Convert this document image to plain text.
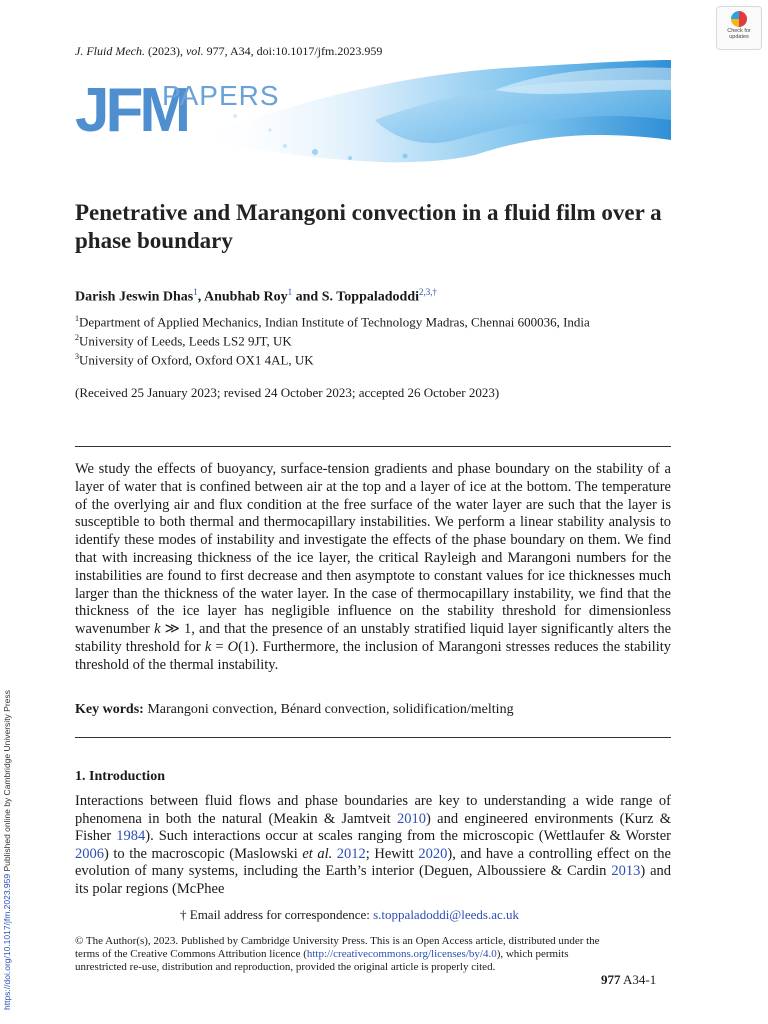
J. Fluid Mech. (2023), vol. 977, A34, doi:10.1017/jfm.2023.959
Check for
updates
JFM
PAPERS
Penetrative and Marangoni convection in a fluid film over a phase boundary
Darish Jeswin Dhas$^1$, Anubhab Roy$^1$ and S. Toppaladoddi$^{2,3,\dagger}$
$^1$Department of Applied Mechanics, Indian Institute of Technology Madras, Chennai 600036, India
$^2$University of Leeds, Leeds LS2 9JT, UK
$^3$University of Oxford, Oxford OX1 4AL, UK
(Received 25 January 2023; revised 24 October 2023; accepted 26 October 2023)
We study the effects of buoyancy, surface-tension gradients and phase boundary on the stability of a layer of water that is confined between air at the top and a layer of ice at the bottom. The temperature of the overlying air and flux condition at the free surface of the water layer are such that the layer is susceptible to both thermal and thermocapillary instabilities. We perform a linear stability analysis to identify these modes of instability and investigate the effects of the phase boundary on them. We find that with increasing thickness of the ice layer, the critical Rayleigh and Marangoni numbers for the instabilities are found to first decrease and then asymptote to constant values for ice thicknesses much larger than the thickness of the water layer. In the case of thermocapillary instability, we find that the thickness of the ice layer has negligible influence on the stability threshold for dimensionless wavenumber k ≫ 1, and that the presence of an unstably stratified liquid layer significantly alters the stability threshold for k = O(1). Furthermore, the inclusion of Marangoni stresses reduces the stability threshold of the thermal instability.
Key words: Marangoni convection, Bénard convection, solidification/melting
1. Introduction
Interactions between fluid flows and phase boundaries are key to understanding a wide range of phenomena in both the natural (Meakin & Jamtveit 2010) and engineered environments (Kurz & Fisher 1984). Such interactions occur at scales ranging from the microscopic (Wettlaufer & Worster 2006) to the macroscopic (Maslowski et al. 2012; Hewitt 2020), and have a controlling effect on the evolution of many systems, including the Earth’s interior (Deguen, Alboussiere & Cardin 2013) and its polar regions (McPhee
† Email address for correspondence: s.toppaladoddi@leeds.ac.uk
© The Author(s), 2023. Published by Cambridge University Press. This is an Open Access article, distributed under the terms of the Creative Commons Attribution licence (http://creativecommons.org/licenses/by/4.0), which permits unrestricted re-use, distribution and reproduction, provided the original article is properly cited.
977 A34-1
https://doi.org/10.1017/jfm.2023.959 Published online by Cambridge University Press
